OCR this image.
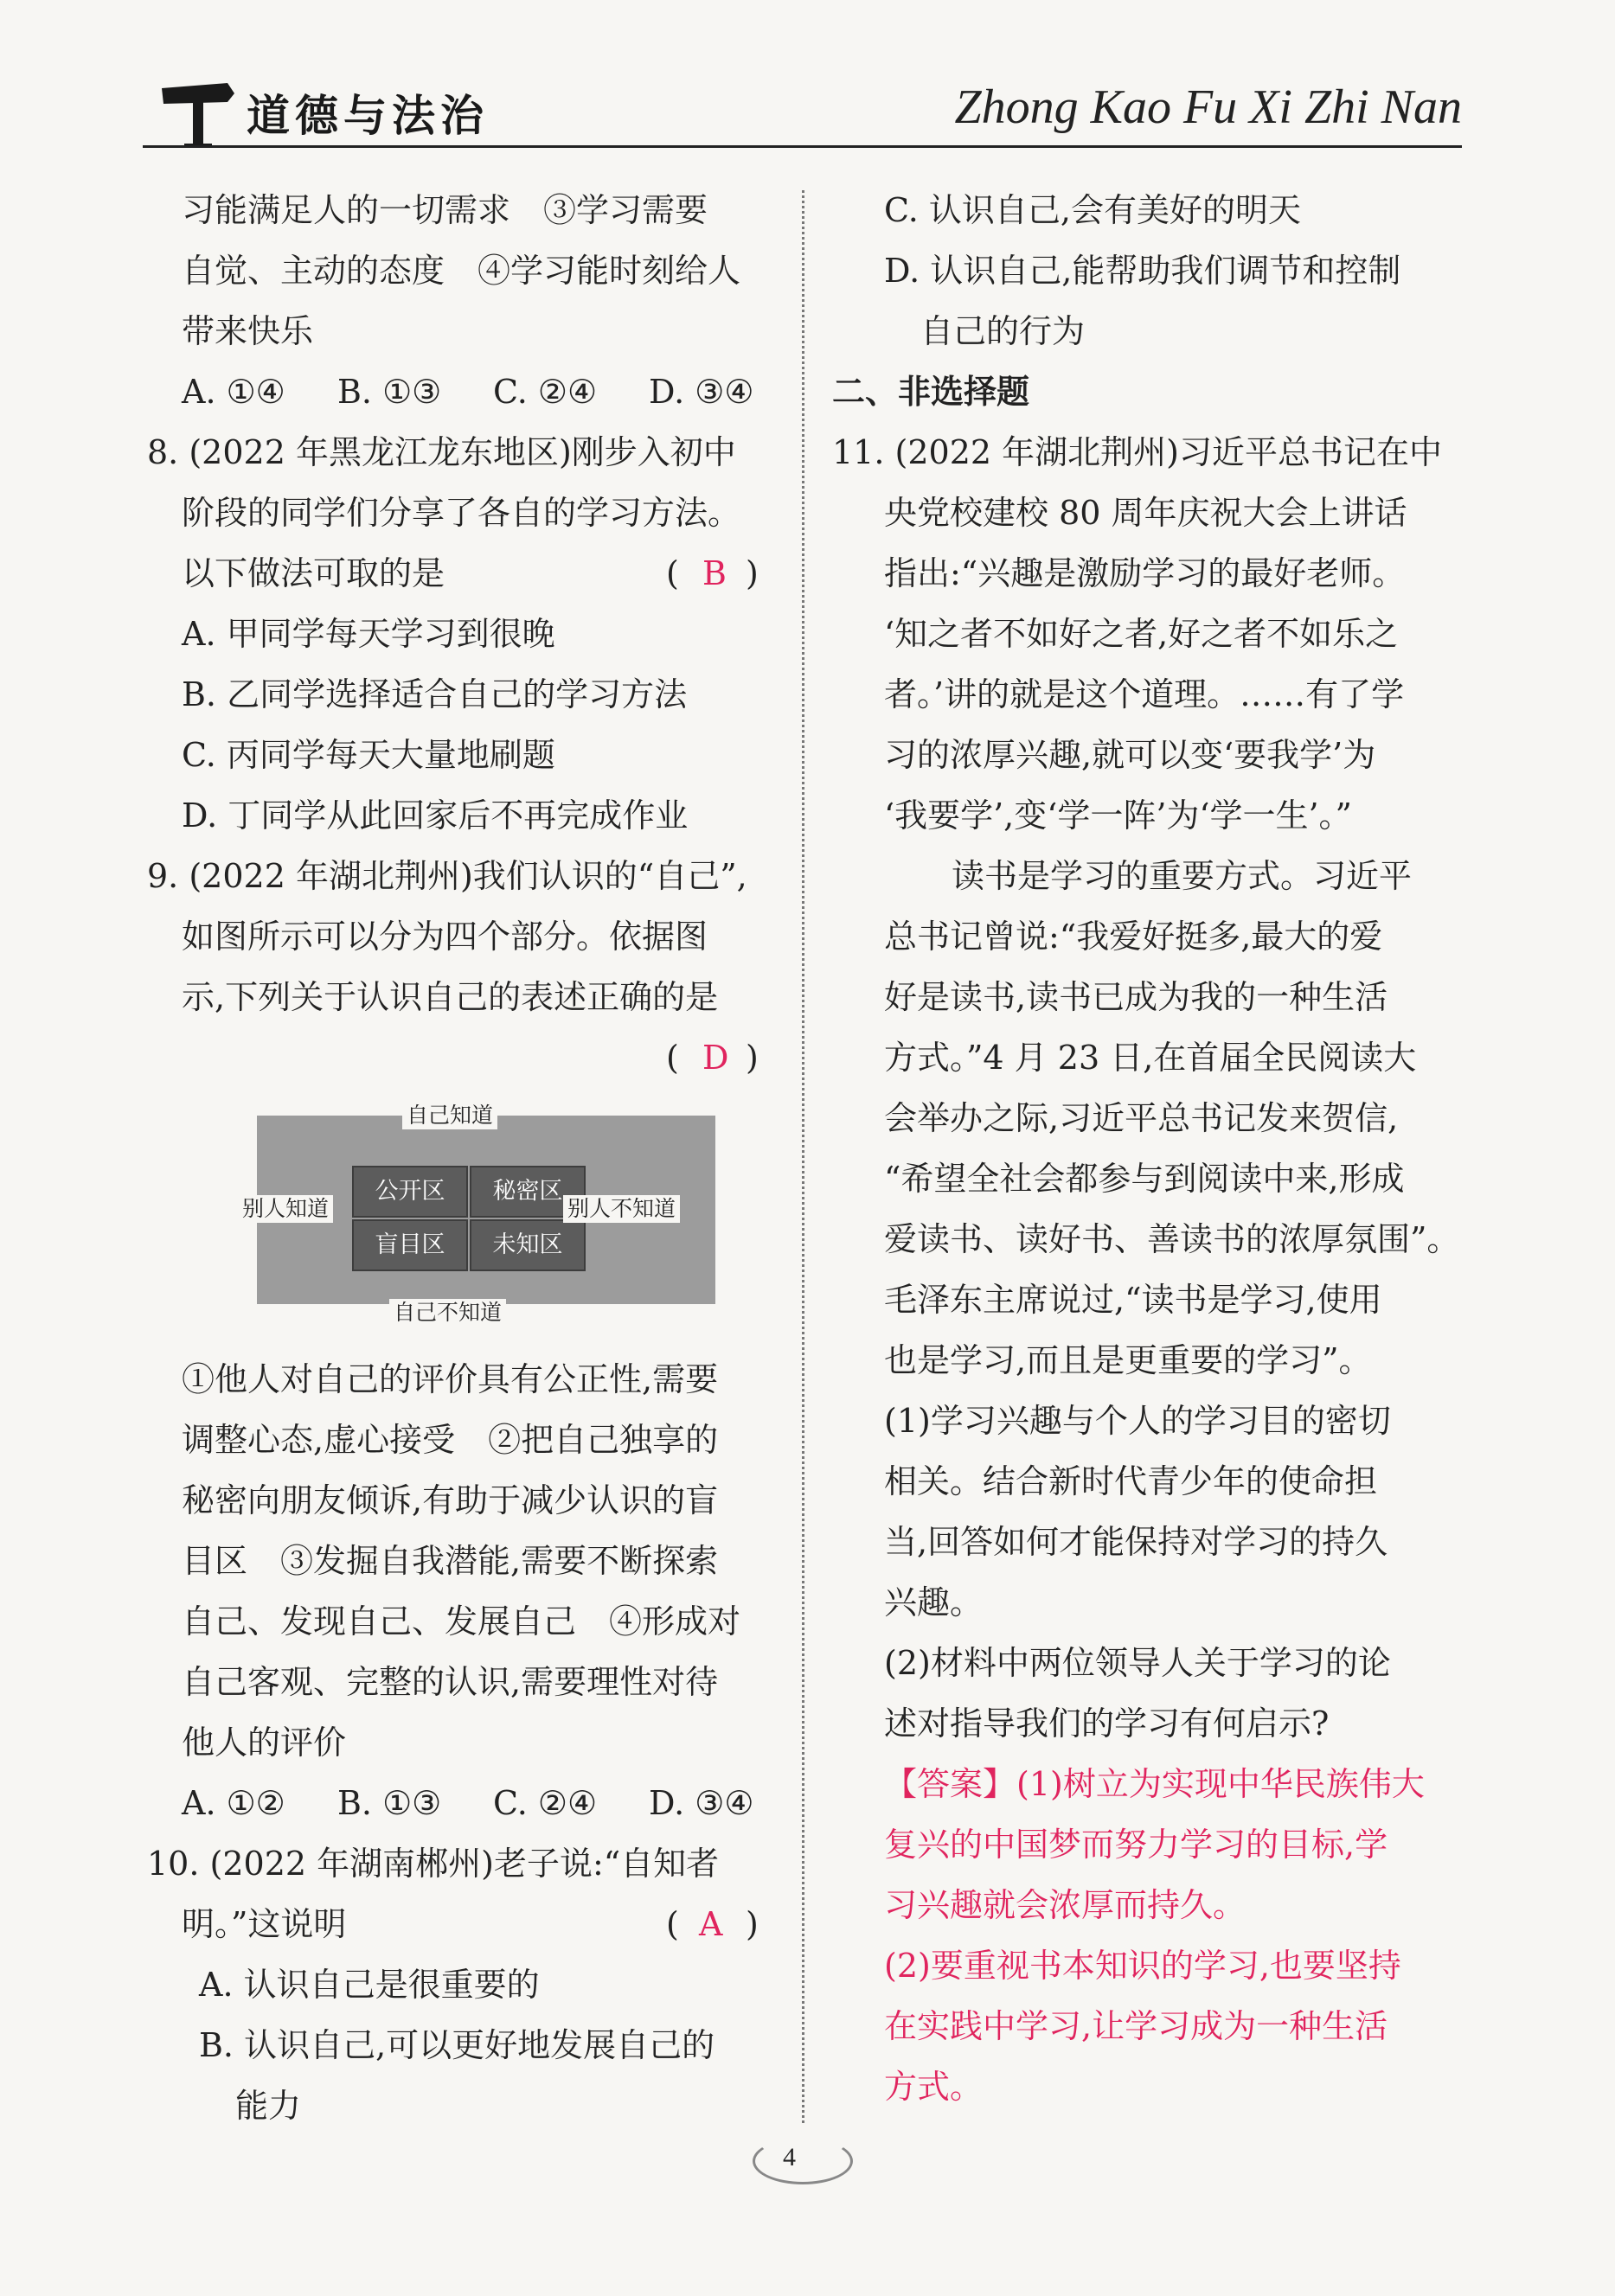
道德与法治	Zhong Kao Fu Xi Zhi Nan
习能满足人的一切需求　③学习需要
自觉、主动的态度　④学习能时刻给人
带来快乐
A. ①④ B. ①③ C. ②④ D. ③④
8. (2022 年黑龙江龙东地区)刚步入初中
阶段的同学们分享了各自的学习方法。
以下做法可取的是	( B )
A. 甲同学每天学习到很晚
B. 乙同学选择适合自己的学习方法
C. 丙同学每天大量地刷题
D. 丁同学从此回家后不再完成作业
9. (2022 年湖北荆州)我们认识的“自己”,
如图所示可以分为四个部分。依据图
示,下列关于认识自己的表述正确的是
( D )
公开区	秘密区
盲目区	未知区
自己知道
自己不知道
别人知道	别人不知道
①他人对自己的评价具有公正性,需要
调整心态,虚心接受　②把自己独享的
秘密向朋友倾诉,有助于减少认识的盲
目区　③发掘自我潜能,需要不断探索
自己、发现自己、发展自己　④形成对
自己客观、完整的认识,需要理性对待
他人的评价
A. ①② B. ①③ C. ②④ D. ③④
10. (2022 年湖南郴州)老子说:“自知者
明。”这说明	( A )
A. 认识自己是很重要的
B. 认识自己,可以更好地发展自己的
能力
C. 认识自己,会有美好的明天
D. 认识自己,能帮助我们调节和控制
自己的行为
二、非选择题
11. (2022 年湖北荆州)习近平总书记在中
央党校建校 80 周年庆祝大会上讲话
指出:“兴趣是激励学习的最好老师。
‘知之者不如好之者,好之者不如乐之
者。’讲的就是这个道理。……有了学
习的浓厚兴趣,就可以变‘要我学’为
‘我要学’,变‘学一阵’为‘学一生’。”
读书是学习的重要方式。习近平
总书记曾说:“我爱好挺多,最大的爱
好是读书,读书已成为我的一种生活
方式。”4 月 23 日,在首届全民阅读大
会举办之际,习近平总书记发来贺信,
“希望全社会都参与到阅读中来,形成
爱读书、读好书、善读书的浓厚氛围”。
毛泽东主席说过,“读书是学习,使用
也是学习,而且是更重要的学习”。
(1)学习兴趣与个人的学习目的密切
相关。结合新时代青少年的使命担
当,回答如何才能保持对学习的持久
兴趣。
(2)材料中两位领导人关于学习的论
述对指导我们的学习有何启示?
【答案】 (1)树立为实现中华民族伟大
复兴的中国梦而努力学习的目标,学
习兴趣就会浓厚而持久。
(2)要重视书本知识的学习,也要坚持
在实践中学习,让学习成为一种生活
方式。
4
